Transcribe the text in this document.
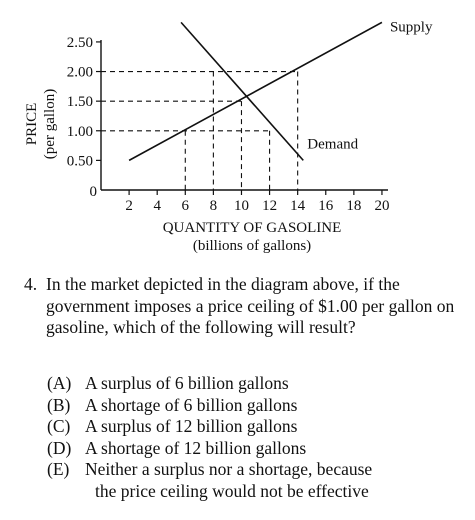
0.50
1.00
1.50
2.00
2.50
2 4 6 8 10 12 14 16 18 20
Supply
Demand
0
PRICE (per gallon)
QUANTITY OF GASOLINE
(billions of gallons)
4. In the market depicted in the diagram above, if the government imposes a price ceiling of $1.00 per gallon on gasoline, which of the following will result?
(A) A surplus of 6 billion gallons
(B) A shortage of 6 billion gallons
(C) A surplus of 12 billion gallons
(D) A shortage of 12 billion gallons
(E) Neither a surplus nor a shortage, because
the price ceiling would not be effective
